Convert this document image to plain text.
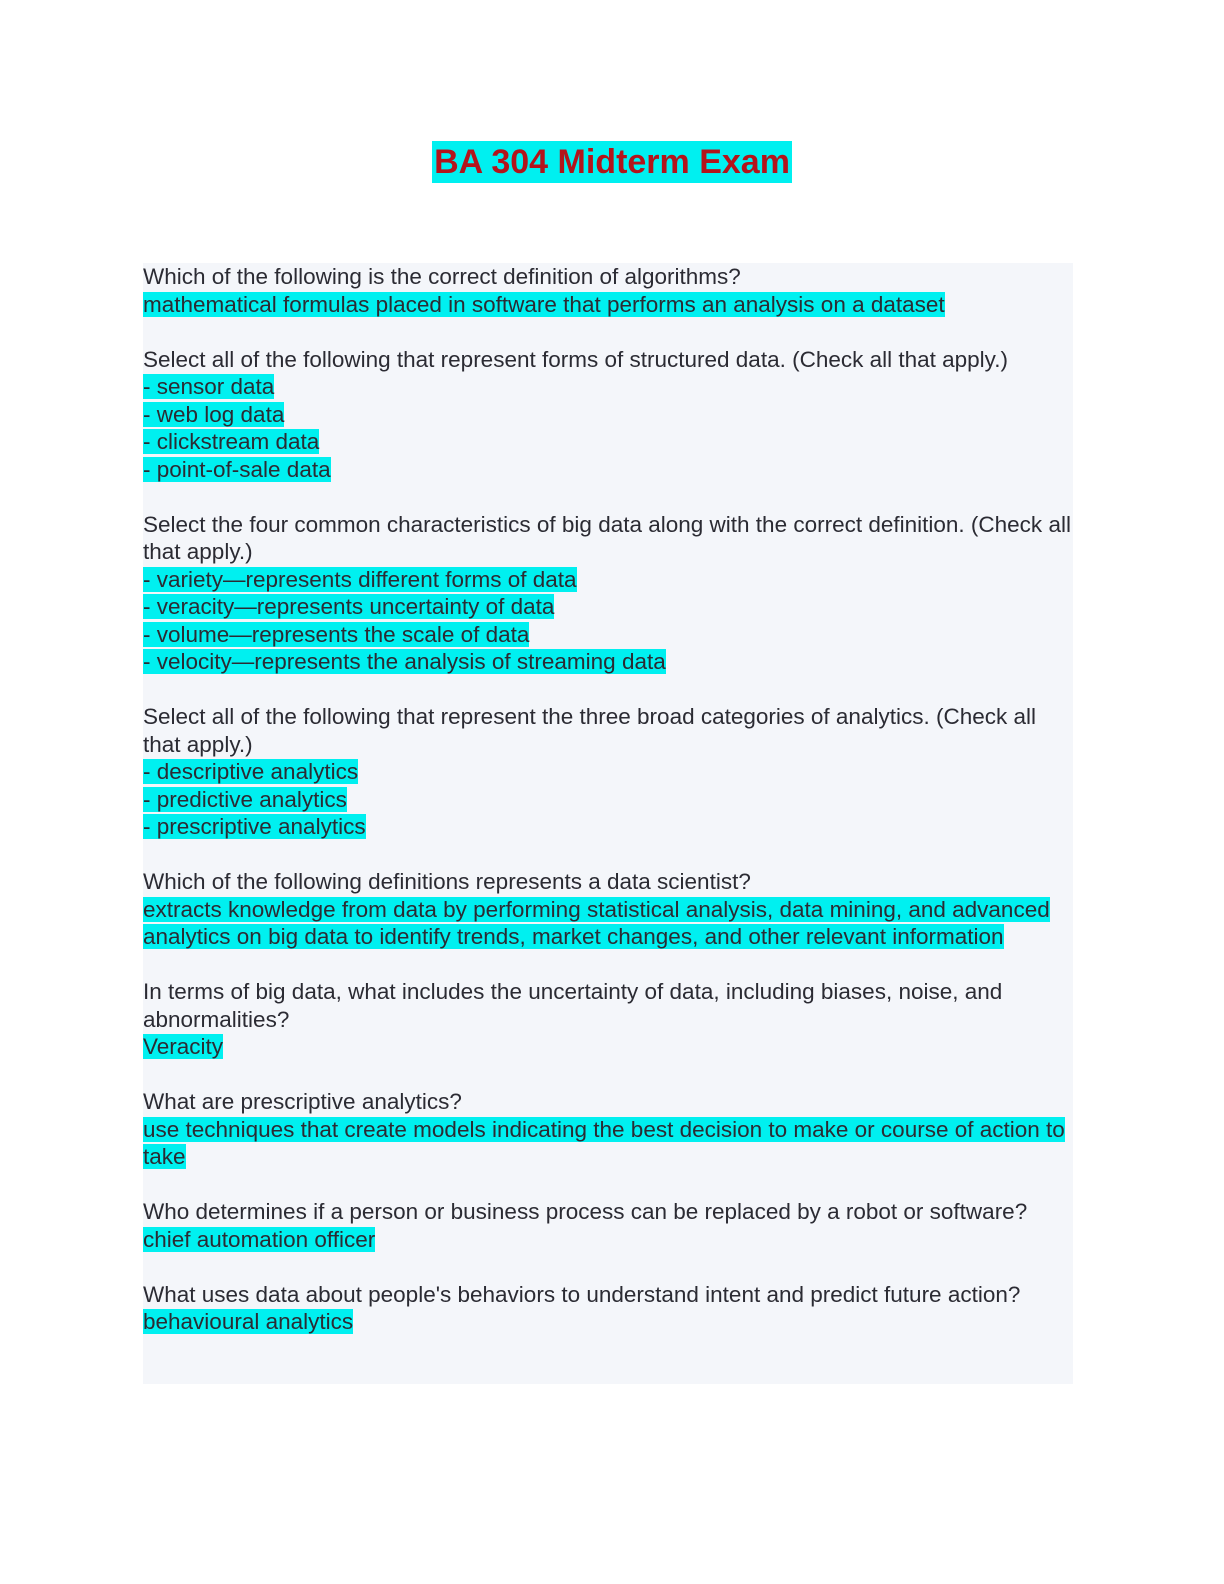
BA 304 Midterm Exam
Which of the following is the correct definition of algorithms?
mathematical formulas placed in software that performs an analysis on a dataset
Select all of the following that represent forms of structured data. (Check all that apply.)
- sensor data
- web log data
- clickstream data
- point-of-sale data
Select the four common characteristics of big data along with the correct definition. (Check all that apply.)
- variety—represents different forms of data
- veracity—represents uncertainty of data
- volume—represents the scale of data
- velocity—represents the analysis of streaming data
Select all of the following that represent the three broad categories of analytics. (Check all that apply.)
- descriptive analytics
- predictive analytics
- prescriptive analytics
Which of the following definitions represents a data scientist?
extracts knowledge from data by performing statistical analysis, data mining, and advanced analytics on big data to identify trends, market changes, and other relevant information
In terms of big data, what includes the uncertainty of data, including biases, noise, and abnormalities?
Veracity
What are prescriptive analytics?
use techniques that create models indicating the best decision to make or course of action to take
Who determines if a person or business process can be replaced by a robot or software?
chief automation officer
What uses data about people's behaviors to understand intent and predict future action?
behavioural analytics
